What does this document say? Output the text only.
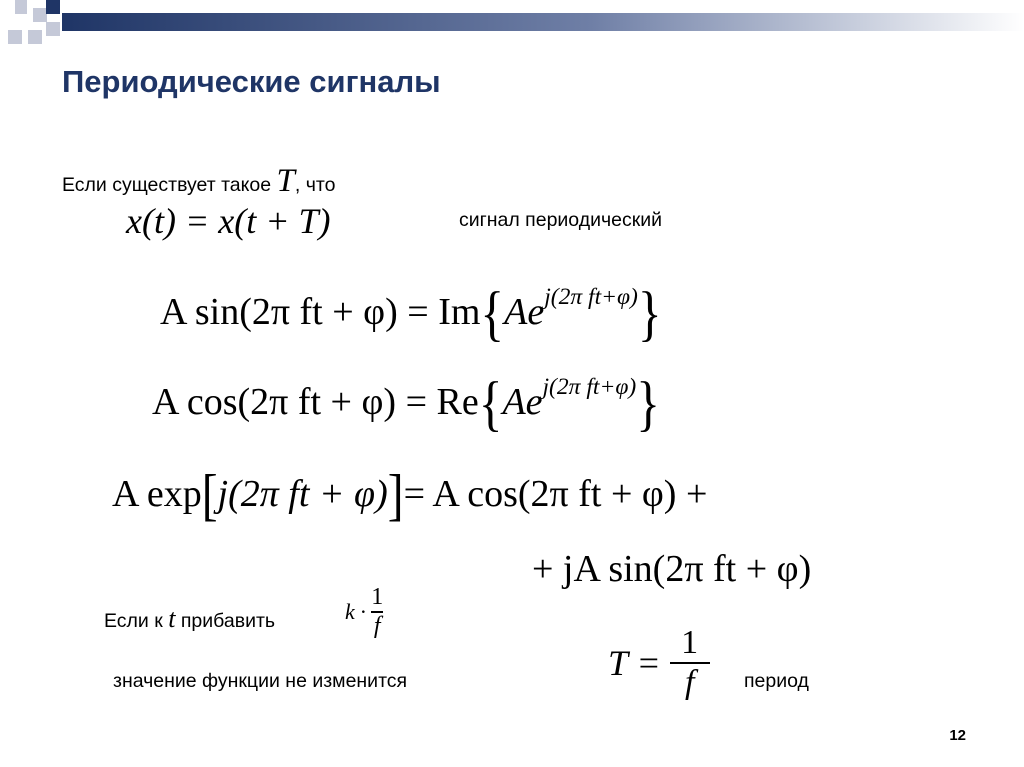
Периодические сигналы
Если существует такое T, что
x(t) = x(t + T)	сигнал периодический
A sin(2π ft + $\varphi) = Im\{Ae^{j(2\pi ft+\varphi)}\}$
A cos(2π ft + $\varphi) = Re\{Ae^{j(2\pi ft+\varphi)}\}$
A exp[j(2π ft + φ)]= A cos(2π ft + φ) +
+ jA sin(2π ft + φ)
Если к t прибавить	$k \cdot \frac{1}{f}$
значение функции не изменится	$T = \frac{1}{f}$ период
12
